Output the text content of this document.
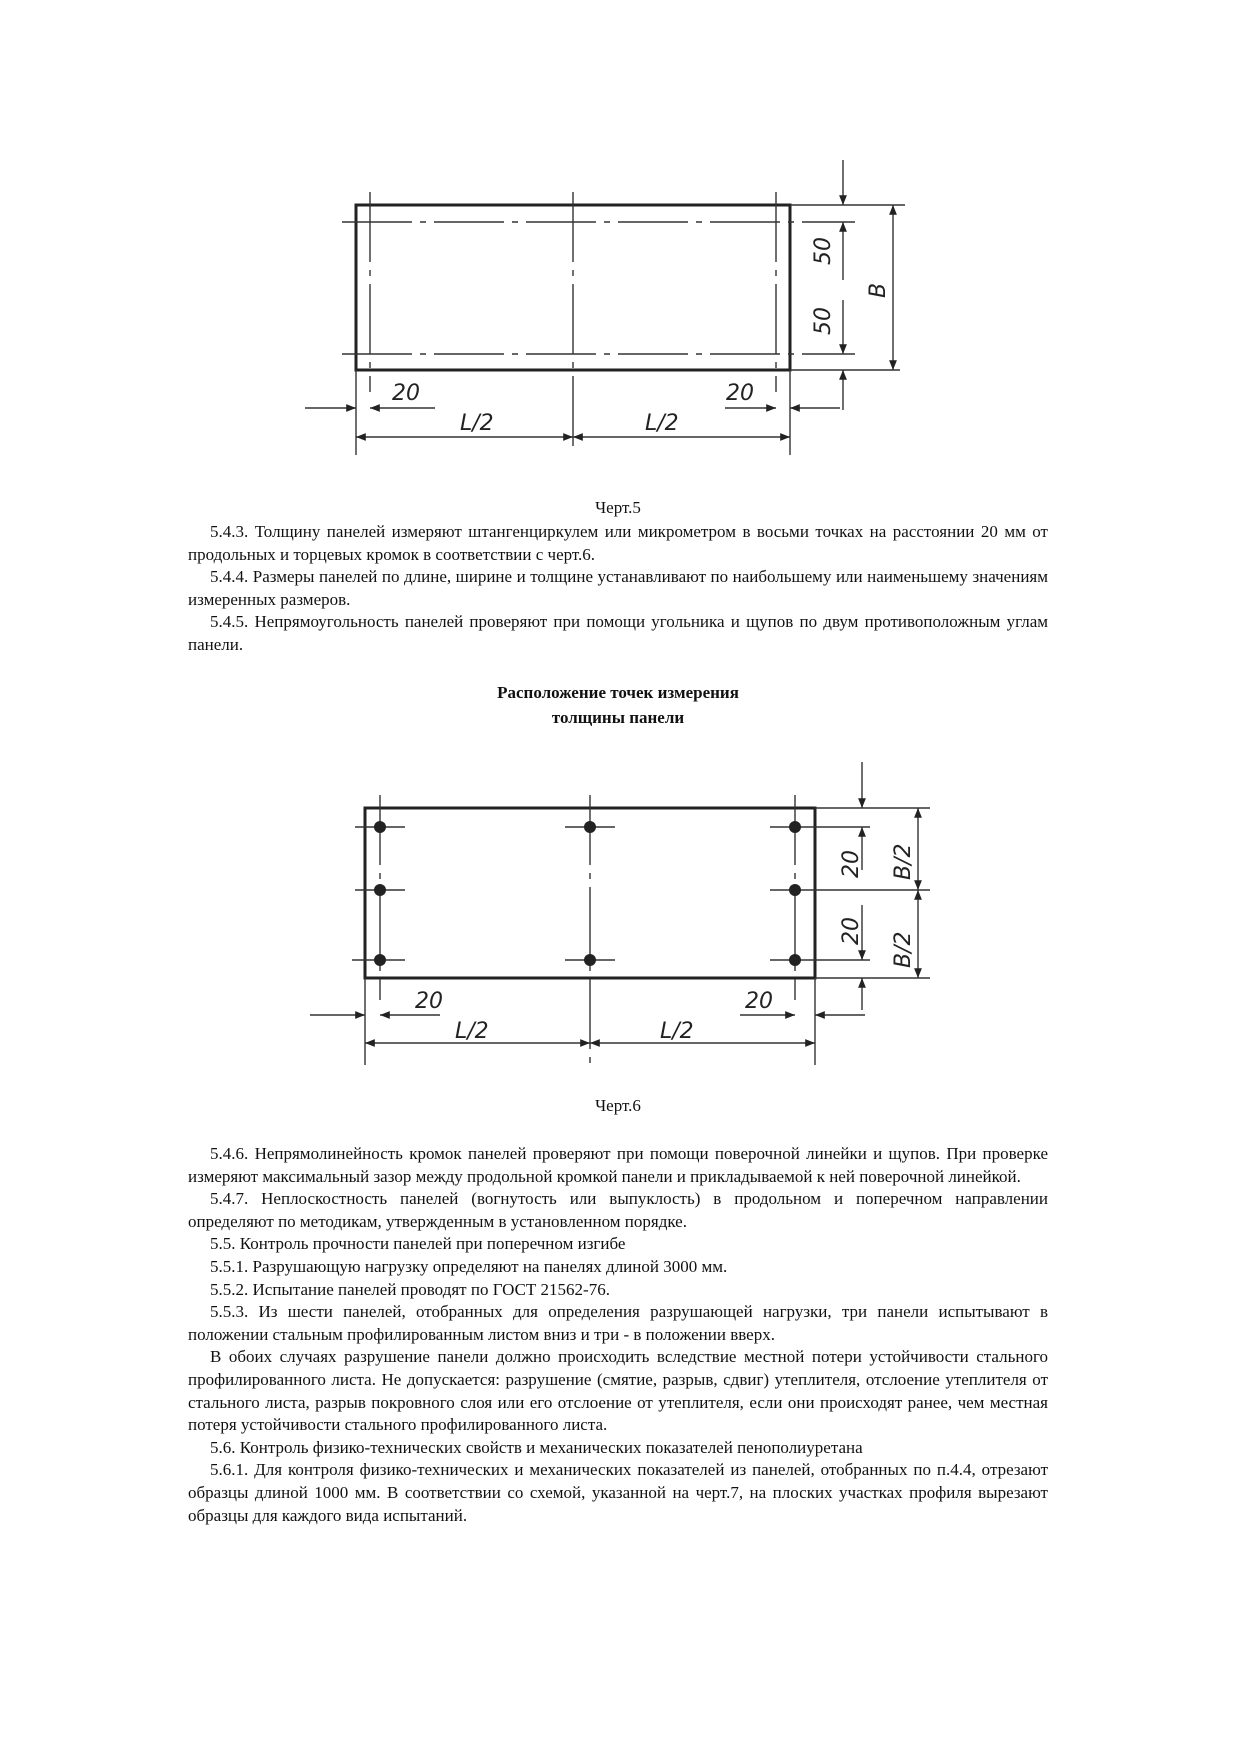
20	20
L/2	L/2
50
50
B
20	20
L/2	L/2
20
20
B/2
B/2
Черт.5

5.4.3. Толщину панелей измеряют штангенциркулем или микрометром в восьми точках на расстоянии 20 мм от продольных и торцевых кромок в соответствии с черт.6.

5.4.4. Размеры панелей по длине, ширине и толщине устанавливают по наибольшему или наименьшему значениям измеренных размеров.

5.4.5. Непрямоугольность панелей проверяют при помощи угольника и щупов по двум противоположным углам панели.

Расположение точек измерения
толщины панели
Черт.6

5.4.6. Непрямолинейность кромок панелей проверяют при помощи поверочной линейки и щупов. При проверке измеряют максимальный зазор между продольной кромкой панели и прикладываемой к ней поверочной линейкой.

5.4.7. Неплоскостность панелей (вогнутость или выпуклость) в продольном и поперечном направлении определяют по методикам, утвержденным в установленном порядке.

5.5. Контроль прочности панелей при поперечном изгибе

5.5.1. Разрушающую нагрузку определяют на панелях длиной 3000 мм.

5.5.2. Испытание панелей проводят по ГОСТ 21562-76.

5.5.3. Из шести панелей, отобранных для определения разрушающей нагрузки, три панели испытывают в положении стальным профилированным листом вниз и три - в положении вверх.

В обоих случаях разрушение панели должно происходить вследствие местной потери устойчивости стального профилированного листа. Не допускается: разрушение (смятие, разрыв, сдвиг) утеплителя, отслоение утеплителя от стального листа, разрыв покровного слоя или его отслоение от утеплителя, если они происходят ранее, чем местная потеря устойчивости стального профилированного листа.

5.6. Контроль физико-технических свойств и механических показателей пенополиуретана

5.6.1. Для контроля физико-технических и механических показателей из панелей, отобранных по п.4.4, отрезают образцы длиной 1000 мм. В соответствии со схемой, указанной на черт.7, на плоских участках профиля вырезают образцы для каждого вида испытаний.
